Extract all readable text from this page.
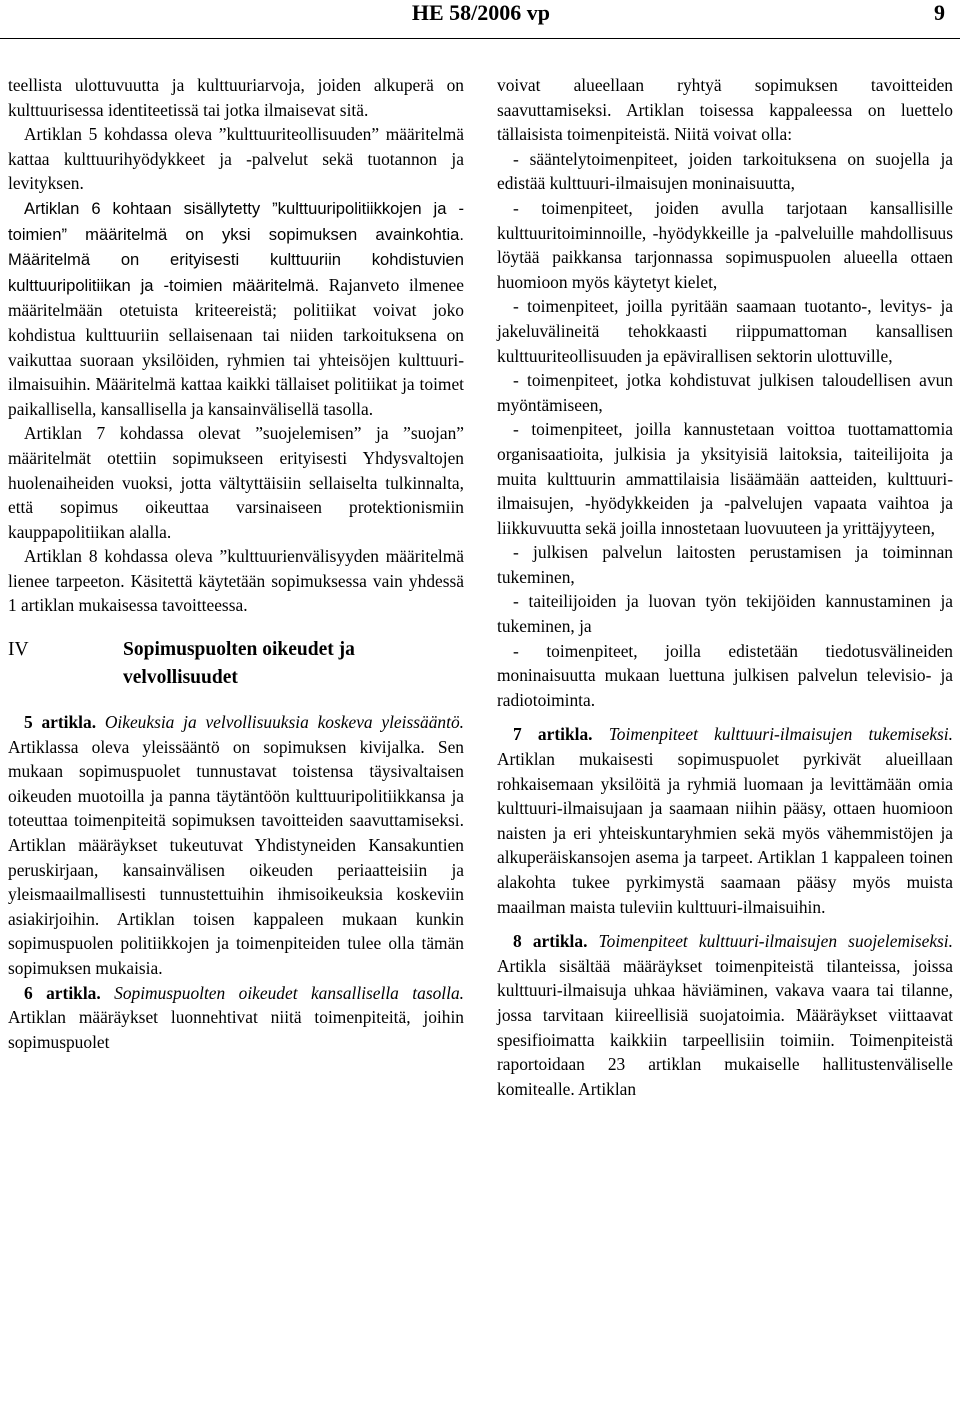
HE 58/2006 vp	9

teellista ulottuvuutta ja kulttuuriarvoja, joiden alkuperä on kulttuurisessa identiteetissä tai jotka ilmaisevat sitä.

Artiklan 5 kohdassa oleva ”kulttuuriteollisuuden” määritelmä kattaa kulttuurihyödykkeet ja -palvelut sekä tuotannon ja levityksen.

Artiklan 6 kohtaan sisällytetty ”kulttuuripolitiikkojen ja -toimien” määritelmä on yksi sopimuksen avainkohtia. Määritelmä on erityisesti kulttuuriin kohdistuvien kulttuuripolitiikan ja -toimien määritelmä. Rajanveto ilmenee määritelmään otetuista kriteereistä; politiikat voivat joko kohdistua kulttuuriin sellaisenaan tai niiden tarkoituksena on vaikuttaa suoraan yksilöiden, ryhmien tai yhteisöjen kulttuuri-ilmaisuihin. Määritelmä kattaa kaikki tällaiset politiikat ja toimet paikallisella, kansallisella ja kansainvälisellä tasolla.

Artiklan 7 kohdassa olevat ”suojelemisen” ja ”suojan” määritelmät otettiin sopimukseen erityisesti Yhdysvaltojen huolenaiheiden vuoksi, jotta vältyttäisiin sellaiselta tulkinnalta, että sopimus oikeuttaa varsinaiseen protektionismiin kauppapolitiikan alalla.

Artiklan 8 kohdassa oleva ”kulttuurienvälisyyden määritelmä lienee tarpeeton. Käsitettä käytetään sopimuksessa vain yhdessä 1 artiklan mukaisessa tavoitteessa.

IV	Sopimuspuolten oikeudet ja velvollisuudet

5 artikla. Oikeuksia ja velvollisuuksia koskeva yleissääntö. Artiklassa oleva yleissääntö on sopimuksen kivijalka. Sen mukaan sopimuspuolet tunnustavat toistensa täysivaltaisen oikeuden muotoilla ja panna täytäntöön kulttuuripolitiikkansa ja toteuttaa toimenpiteitä sopimuksen tavoitteiden saavuttamiseksi. Artiklan määräykset tukeutuvat Yhdistyneiden Kansakuntien peruskirjaan, kansainvälisen oikeuden periaatteisiin ja yleismaailmallisesti tunnustettuihin ihmisoikeuksia koskeviin asiakirjoihin. Artiklan toisen kappaleen mukaan kunkin sopimuspuolen politiikkojen ja toimenpiteiden tulee olla tämän sopimuksen mukaisia.

6 artikla. Sopimuspuolten oikeudet kansallisella tasolla. Artiklan määräykset luonnehtivat niitä toimenpiteitä, joihin sopimuspuolet

voivat alueellaan ryhtyä sopimuksen tavoitteiden saavuttamiseksi. Artiklan toisessa kappaleessa on luettelo tällaisista toimenpiteistä. Niitä voivat olla:

- sääntelytoimenpiteet, joiden tarkoituksena on suojella ja edistää kulttuuri-ilmaisujen moninaisuutta,

- toimenpiteet, joiden avulla tarjotaan kansallisille kulttuuritoiminnoille, -hyödykkeille ja -palveluille mahdollisuus löytää paikkansa tarjonnassa sopimuspuolen alueella ottaen huomioon myös käytetyt kielet,

- toimenpiteet, joilla pyritään saamaan tuotanto-, levitys- ja jakeluvälineitä tehokkaasti riippumattoman kansallisen kulttuuriteollisuuden ja epävirallisen sektorin ulottuville,

- toimenpiteet, jotka kohdistuvat julkisen taloudellisen avun myöntämiseen,

- toimenpiteet, joilla kannustetaan voittoa tuottamattomia organisaatioita, julkisia ja yksityisiä laitoksia, taiteilijoita ja muita kulttuurin ammattilaisia lisäämään aatteiden, kulttuuri-ilmaisujen, -hyödykkeiden ja -palvelujen vapaata vaihtoa ja liikkuvuutta sekä joilla innostetaan luovuuteen ja yrittäjyyteen,

- julkisen palvelun laitosten perustamisen ja toiminnan tukeminen,

- taiteilijoiden ja luovan työn tekijöiden kannustaminen ja tukeminen, ja

- toimenpiteet, joilla edistetään tiedotusvälineiden moninaisuutta mukaan luettuna julkisen palvelun televisio- ja radiotoiminta.

7 artikla. Toimenpiteet kulttuuri-ilmaisujen tukemiseksi. Artiklan mukaisesti sopimuspuolet pyrkivät alueillaan rohkaisemaan yksilöitä ja ryhmiä luomaan ja levittämään omia kulttuuri-ilmaisujaan ja saamaan niihin pääsy, ottaen huomioon naisten ja eri yhteiskuntaryhmien sekä myös vähemmistöjen ja alkuperäiskansojen asema ja tarpeet. Artiklan 1 kappaleen toinen alakohta tukee pyrkimystä saamaan pääsy myös muista maailman maista tuleviin kulttuuri-ilmaisuihin.

8 artikla. Toimenpiteet kulttuuri-ilmaisujen suojelemiseksi. Artikla sisältää määräykset toimenpiteistä tilanteissa, joissa kulttuuri-ilmaisuja uhkaa häviäminen, vakava vaara tai tilanne, jossa tarvitaan kiireellisiä suojatoimia. Määräykset viittaavat spesifioimatta kaikkiin tarpeellisiin toimiin. Toimenpiteistä raportoidaan 23 artiklan mukaiselle hallitustenväliselle komitealle. Artiklan
